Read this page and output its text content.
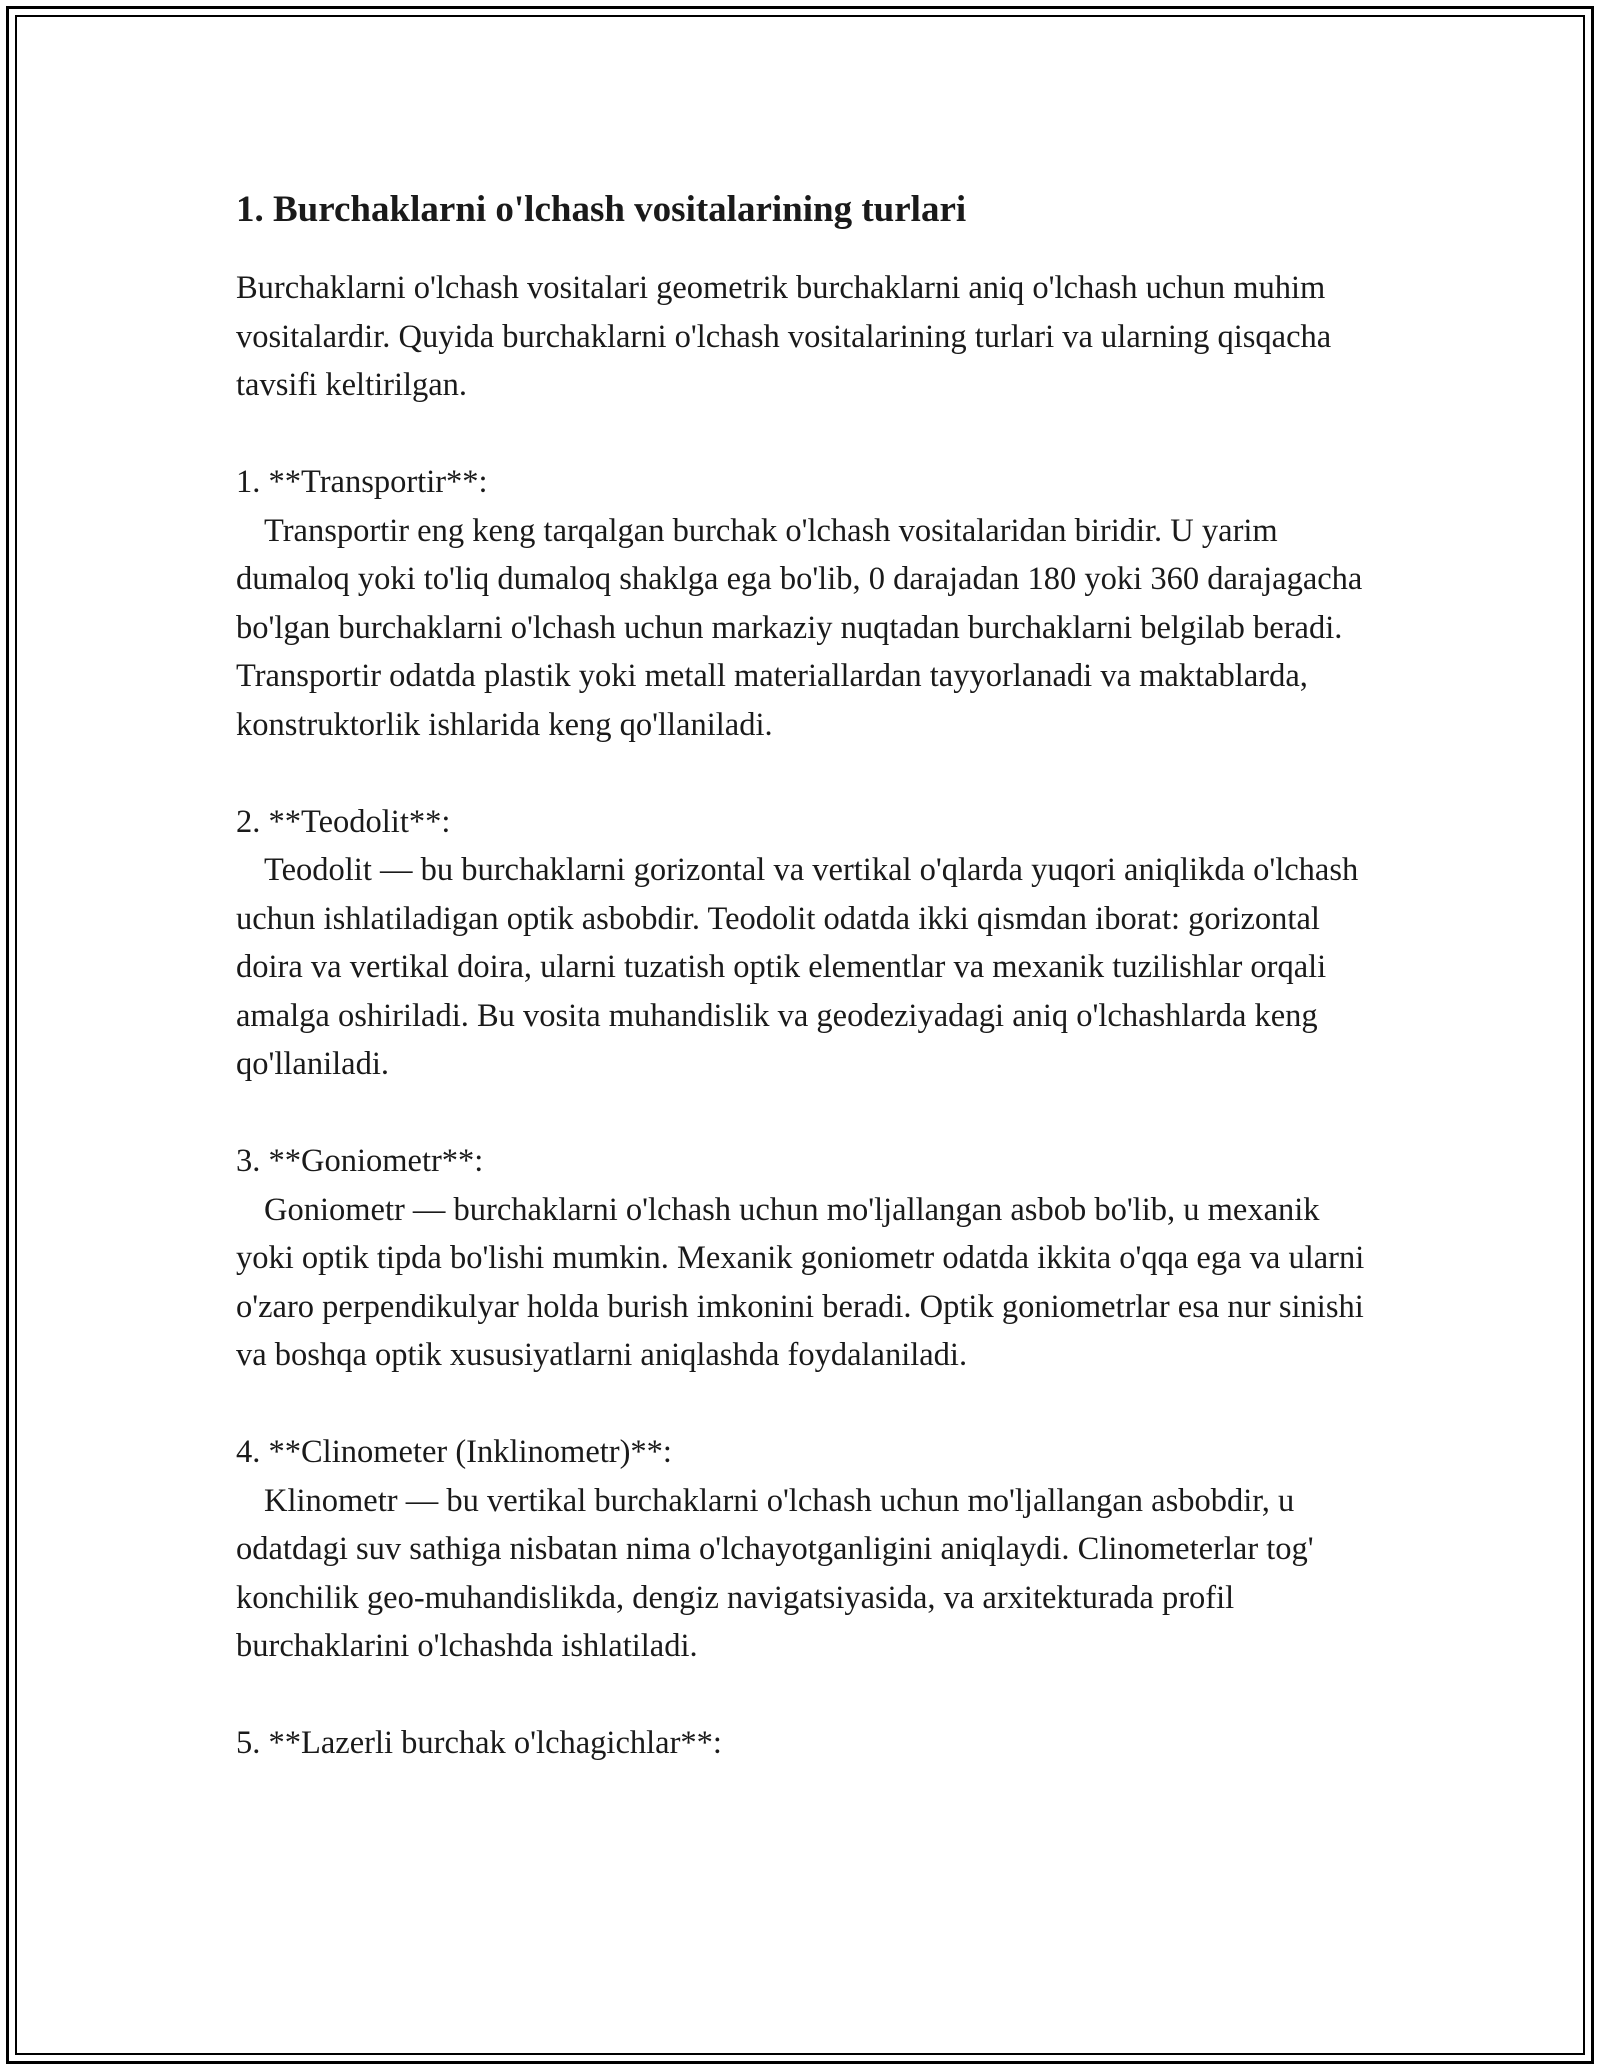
1. Burchaklarni o'lchash vositalarining turlari

Burchaklarni o'lchash vositalari geometrik burchaklarni aniq o'lchash uchun muhim vositalardir. Quyida burchaklarni o'lchash vositalarining turlari va ularning qisqacha tavsifi keltirilgan.

1. **Transportir**:

Transportir eng keng tarqalgan burchak o'lchash vositalaridan biridir. U yarim dumaloq yoki to'liq dumaloq shaklga ega bo'lib, 0 darajadan 180 yoki 360 darajagacha bo'lgan burchaklarni o'lchash uchun markaziy nuqtadan burchaklarni belgilab beradi. Transportir odatda plastik yoki metall materiallardan tayyorlanadi va maktablarda, konstruktorlik ishlarida keng qo'llaniladi.

2. **Teodolit**:

Teodolit — bu burchaklarni gorizontal va vertikal o'qlarda yuqori aniqlikda o'lchash uchun ishlatiladigan optik asbobdir. Teodolit odatda ikki qismdan iborat: gorizontal doira va vertikal doira, ularni tuzatish optik elementlar va mexanik tuzilishlar orqali amalga oshiriladi. Bu vosita muhandislik va geodeziyadagi aniq o'lchashlarda keng qo'llaniladi.

3. **Goniometr**:

Goniometr — burchaklarni o'lchash uchun mo'ljallangan asbob bo'lib, u mexanik yoki optik tipda bo'lishi mumkin. Mexanik goniometr odatda ikkita o'qqa ega va ularni o'zaro perpendikulyar holda burish imkonini beradi. Optik goniometrlar esa nur sinishi va boshqa optik xususiyatlarni aniqlashda foydalaniladi.

4. **Clinometer (Inklinometr)**:

Klinometr — bu vertikal burchaklarni o'lchash uchun mo'ljallangan asbobdir, u odatdagi suv sathiga nisbatan nima o'lchayotganligini aniqlaydi. Clinometerlar tog' konchilik geo-muhandislikda, dengiz navigatsiyasida, va arxitekturada profil burchaklarini o'lchashda ishlatiladi.

5. **Lazerli burchak o'lchagichlar**:
